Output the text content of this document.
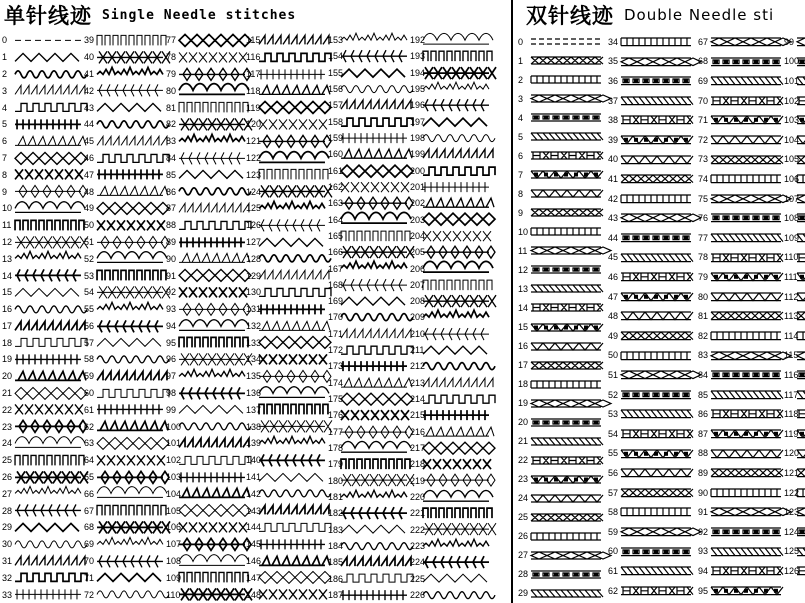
单针线迹 Single Needle stitches
0
1
2
3
4
5
6
7
8
9
10
11
12
13
14
15
16
17
18
19
20
21
22
23
24
25
26
27
28
29
30
31
32
33
39
40
41
42
43
44
45
46
47
48
49
50
51
52
53
54
55
56
57
58
59
60
61
62
63
64
65
66
67
68
69
70
71
72
77
78
79
80
81
82
83
84
85
86
87
88
89
90
91
92
93
94
95
96
97
98
99
100
101
102
103
104
105
106
107
108
109
110
115
116
117
118
119
120
121
122
123
124
125
126
127
128
129
130
131
132
133
134
135
136
137
138
139
140
141
142
143
144
145
146
147
148
153
154
155
156
157
158
159
160
161
162
163
164
165
166
167
168
169
170
171
172
173
174
175
176
177
178
179
180
181
182
183
184
185
186
187
192
193
194
195
196
197
198
199
200
201
202
203
204
205
206
207
208
209
210
211
212
213
214
215
216
217
218
219
220
221
222
223
224
225
226
双针线迹 Double Needle sti
0
1
2
3
4
5
6
7
8
9
10
11
12
13
14
15
16
17
18
19
20
21
22
23
24
25
26
27
28
29
34
35
36
37
38
39
40
41
42
43
44
45
46
47
48
49
50
51
52
53
54
55
56
57
58
59
60
61
62
67
68
69
70
71
72
73
74
75
76
77
78
79
80
81
82
83
84
85
86
87
88
89
90
91
92
93
94
95
99
100
101
102
103
104
105
106
107
108
109
110
111
112
113
114
115
116
117
118
119
120
121
122
123
124
125
126
